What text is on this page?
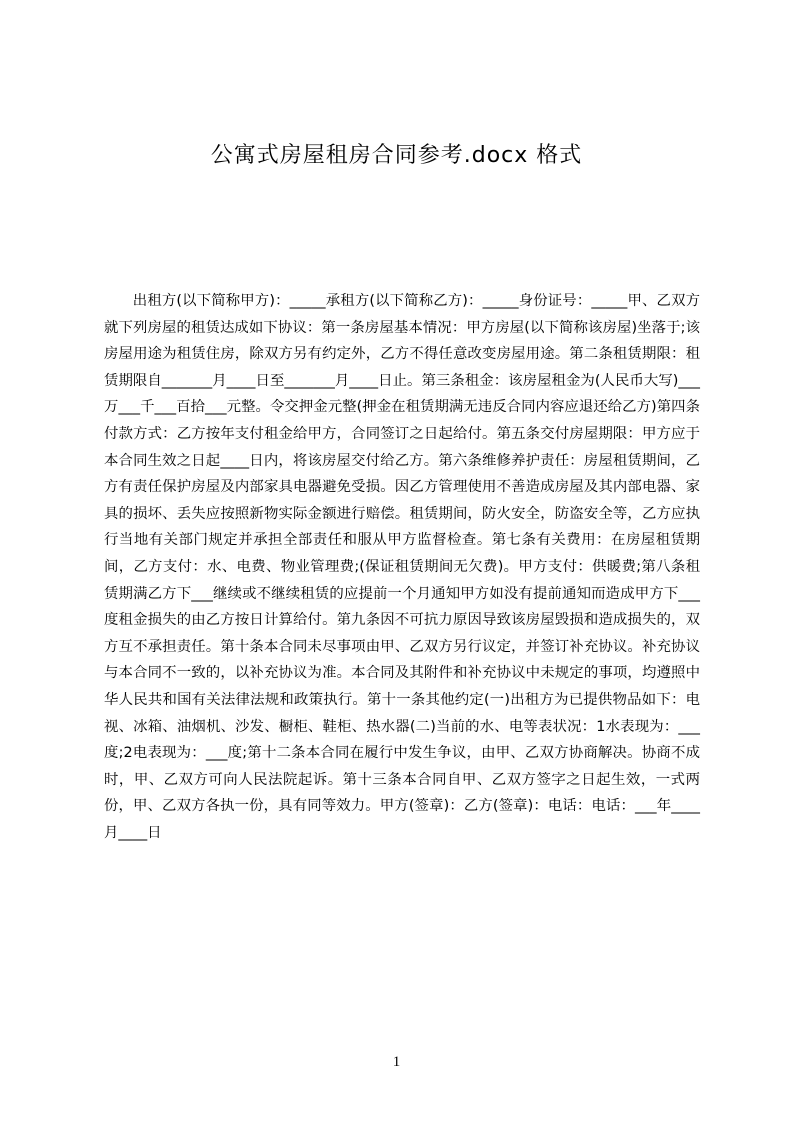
公寓式房屋租房合同参考.docx 格式
出租方(以下简称甲方)：_____承租方(以下简称乙方)：_____身份证号：_____甲、乙双方就下列房屋的租赁达成如下协议：第一条房屋基本情况：甲方房屋(以下简称该房屋)坐落于;该房屋用途为租赁住房，除双方另有约定外，乙方不得任意改变房屋用途。第二条租赁期限：租赁期限自_______月____日至_______月____日止。第三条租金：该房屋租金为(人民币大写)___万___千___百拾___元整。令交押金元整(押金在租赁期满无违反合同内容应退还给乙方)第四条付款方式：乙方按年支付租金给甲方，合同签订之日起给付。第五条交付房屋期限：甲方应于本合同生效之日起____日内，将该房屋交付给乙方。第六条维修养护责任：房屋租赁期间，乙方有责任保护房屋及内部家具电器避免受损。因乙方管理使用不善造成房屋及其内部电器、家具的损坏、丢失应按照新物实际金额进行赔偿。租赁期间，防火安全，防盗安全等，乙方应执行当地有关部门规定并承担全部责任和服从甲方监督检查。第七条有关费用：在房屋租赁期间，乙方支付：水、电费、物业管理费;(保证租赁期间无欠费)。甲方支付：供暖费;第八条租赁期满乙方下___继续或不继续租赁的应提前一个月通知甲方如没有提前通知而造成甲方下___度租金损失的由乙方按日计算给付。第九条因不可抗力原因导致该房屋毁损和造成损失的，双方互不承担责任。第十条本合同未尽事项由甲、乙双方另行议定，并签订补充协议。补充协议与本合同不一致的，以补充协议为准。本合同及其附件和补充协议中未规定的事项，均遵照中华人民共和国有关法律法规和政策执行。第十一条其他约定(一)出租方为已提供物品如下：电视、冰箱、油烟机、沙发、橱柜、鞋柜、热水器(二)当前的水、电等表状况：1水表现为：___度;2电表现为：___度;第十二条本合同在履行中发生争议，由甲、乙双方协商解决。协商不成时，甲、乙双方可向人民法院起诉。第十三条本合同自甲、乙双方签字之日起生效，一式两份，甲、乙双方各执一份，具有同等效力。甲方(签章)：乙方(签章)：电话：电话：___年____月____日
1
